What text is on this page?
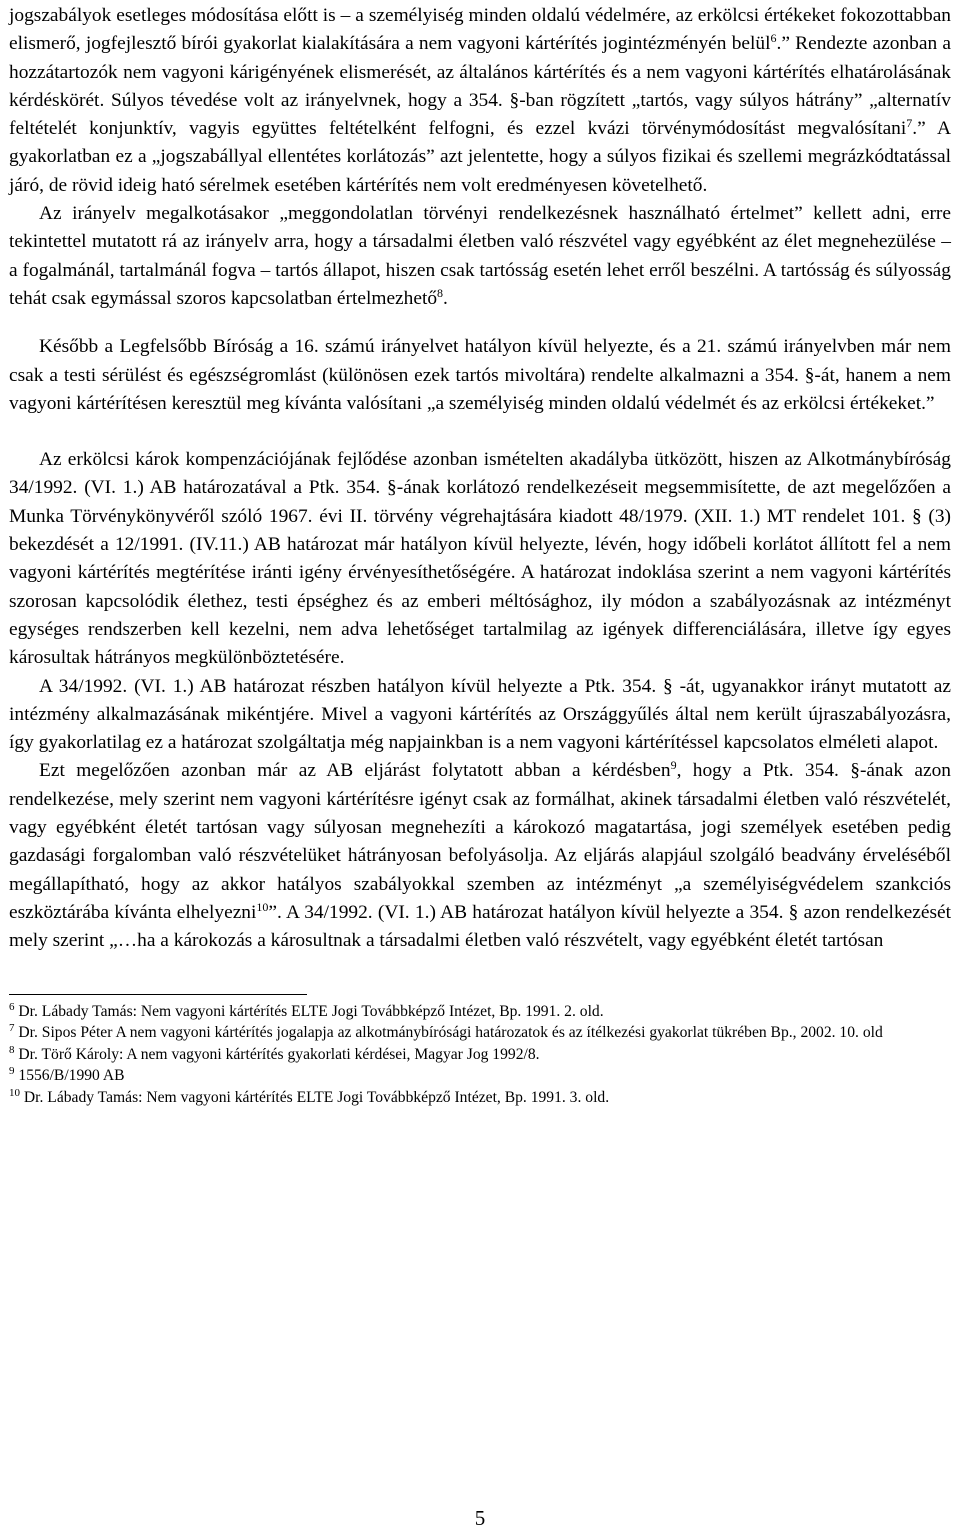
jogszabályok esetleges módosítása előtt is – a személyiség minden oldalú védelmére, az erkölcsi értékeket fokozottabban elismerő, jogfejlesztő bírói gyakorlat kialakítására a nem vagyoni kártérítés jogintézményén belül$^6$.” Rendezte azonban a hozzátartozók nem vagyoni kárigényének elismerését, az általános kártérítés és a nem vagyoni kártérítés elhatárolásának kérdéskörét. Súlyos tévedése volt az irányelvnek, hogy a 354. §-ban rögzített „tartós, vagy súlyos hátrány” „alternatív feltételét konjunktív, vagyis együttes feltételként felfogni, és ezzel kvázi törvénymódosítást megvalósítani$^7$.” A gyakorlatban ez a „jogszabállyal ellentétes korlátozás” azt jelentette, hogy a súlyos fizikai és szellemi megrázkódtatással járó, de rövid ideig ható sérelmek esetében kártérítés nem volt eredményesen követelhető.

Az irányelv megalkotásakor „meggondolatlan törvényi rendelkezésnek használható értelmet” kellett adni, erre tekintettel mutatott rá az irányelv arra, hogy a társadalmi életben való részvétel vagy egyébként az élet megnehezülése – a fogalmánál, tartalmánál fogva – tartós állapot, hiszen csak tartósság esetén lehet erről beszélni. A tartósság és súlyosság tehát csak egymással szoros kapcsolatban értelmezhető$^8$.

Később a Legfelsőbb Bíróság a 16. számú irányelvet hatályon kívül helyezte, és a 21. számú irányelvben már nem csak a testi sérülést és egészségromlást (különösen ezek tartós mivoltára) rendelte alkalmazni a 354. §-át, hanem a nem vagyoni kártérítésen keresztül meg kívánta valósítani „a személyiség minden oldalú védelmét és az erkölcsi értékeket.”

Az erkölcsi károk kompenzációjának fejlődése azonban ismételten akadályba ütközött, hiszen az Alkotmánybíróság 34/1992. (VI. 1.) AB határozatával a Ptk. 354. §-ának korlátozó rendelkezéseit megsemmisítette, de azt megelőzően a Munka Törvénykönyvéről szóló 1967. évi II. törvény végrehajtására kiadott 48/1979. (XII. 1.) MT rendelet 101. § (3) bekezdését a 12/1991. (IV.11.) AB határozat már hatályon kívül helyezte, lévén, hogy időbeli korlátot állított fel a nem vagyoni kártérítés megtérítése iránti igény érvényesíthetőségére. A határozat indoklása szerint a nem vagyoni kártérítés szorosan kapcsolódik élethez, testi épséghez és az emberi méltósághoz, ily módon a szabályozásnak az intézményt egységes rendszerben kell kezelni, nem adva lehetőséget tartalmilag az igények differenciálására, illetve így egyes károsultak hátrányos megkülönböztetésére.

A 34/1992. (VI. 1.) AB határozat részben hatályon kívül helyezte a Ptk. 354. § -át, ugyanakkor irányt mutatott az intézmény alkalmazásának mikéntjére. Mivel a vagyoni kártérítés az Országgyűlés által nem került újraszabályozásra, így gyakorlatilag ez a határozat szolgáltatja még napjainkban is a nem vagyoni kártérítéssel kapcsolatos elméleti alapot.

Ezt megelőzően azonban már az AB eljárást folytatott abban a kérdésben$^9$, hogy a Ptk. 354. §-ának azon rendelkezése, mely szerint nem vagyoni kártérítésre igényt csak az formálhat, akinek társadalmi életben való részvételét, vagy egyébként életét tartósan vagy súlyosan megnehezíti a károkozó magatartása, jogi személyek esetében pedig gazdasági forgalomban való részvételüket hátrányosan befolyásolja. Az eljárás alapjául szolgáló beadvány érveléséből megállapítható, hogy az akkor hatályos szabályokkal szemben az intézményt „a személyiségvédelem szankciós eszköztárába kívánta elhelyezni$^{10}$”. A 34/1992. (VI. 1.) AB határozat hatályon kívül helyezte a 354. § azon rendelkezését mely szerint „…ha a károkozás a károsultnak a társadalmi életben való részvételt, vagy egyébként életét tartósan

$^6$ Dr. Lábady Tamás: Nem vagyoni kártérítés ELTE Jogi Továbbképző Intézet, Bp. 1991. 2. old.
$^7$ Dr. Sipos Péter A nem vagyoni kártérítés jogalapja az alkotmánybírósági határozatok és az ítélkezési gyakorlat tükrében Bp., 2002. 10. old
$^8$ Dr. Törő Károly: A nem vagyoni kártérítés gyakorlati kérdései, Magyar Jog 1992/8.
$^9$ 1556/B/1990 AB
$^{10}$ Dr. Lábady Tamás: Nem vagyoni kártérítés ELTE Jogi Továbbképző Intézet, Bp. 1991. 3. old.
5
